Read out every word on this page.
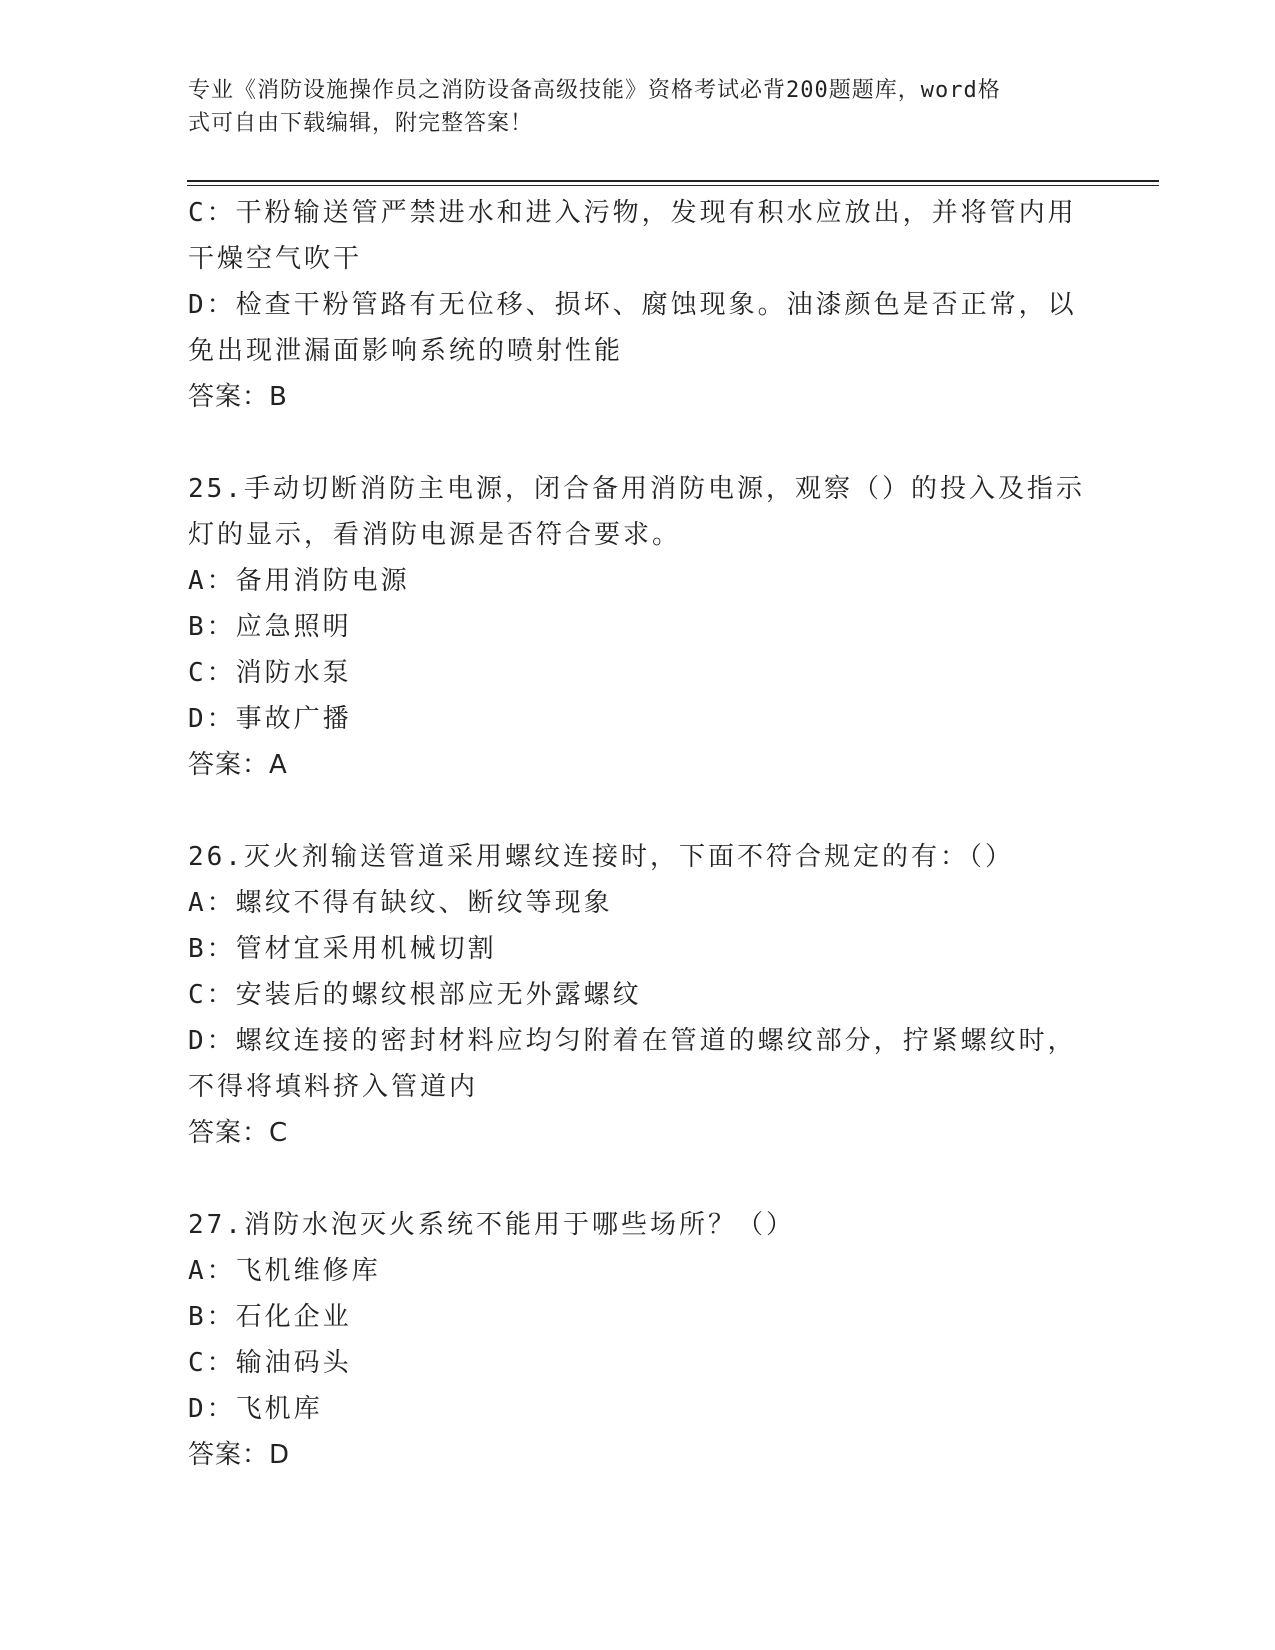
专业《消防设施操作员之消防设备高级技能》资格考试必背200题题库，word格
式可自由下载编辑，附完整答案！
C：干粉输送管严禁进水和进入污物，发现有积水应放出，并将管内用
干燥空气吹干
D：检查干粉管路有无位移、损坏、腐蚀现象。油漆颜色是否正常，以
免出现泄漏面影响系统的喷射性能
答案：B
25.手动切断消防主电源，闭合备用消防电源，观察（）的投入及指示
灯的显示，看消防电源是否符合要求。
A：备用消防电源
B：应急照明
C：消防水泵
D：事故广播
答案：A
26.灭火剂输送管道采用螺纹连接时，下面不符合规定的有：（）
A：螺纹不得有缺纹、断纹等现象
B：管材宜采用机械切割
C：安装后的螺纹根部应无外露螺纹
D：螺纹连接的密封材料应均匀附着在管道的螺纹部分，拧紧螺纹时，
不得将填料挤入管道内
答案：C
27.消防水泡灭火系统不能用于哪些场所？（）
A：飞机维修库
B：石化企业
C：输油码头
D：飞机库
答案：D
